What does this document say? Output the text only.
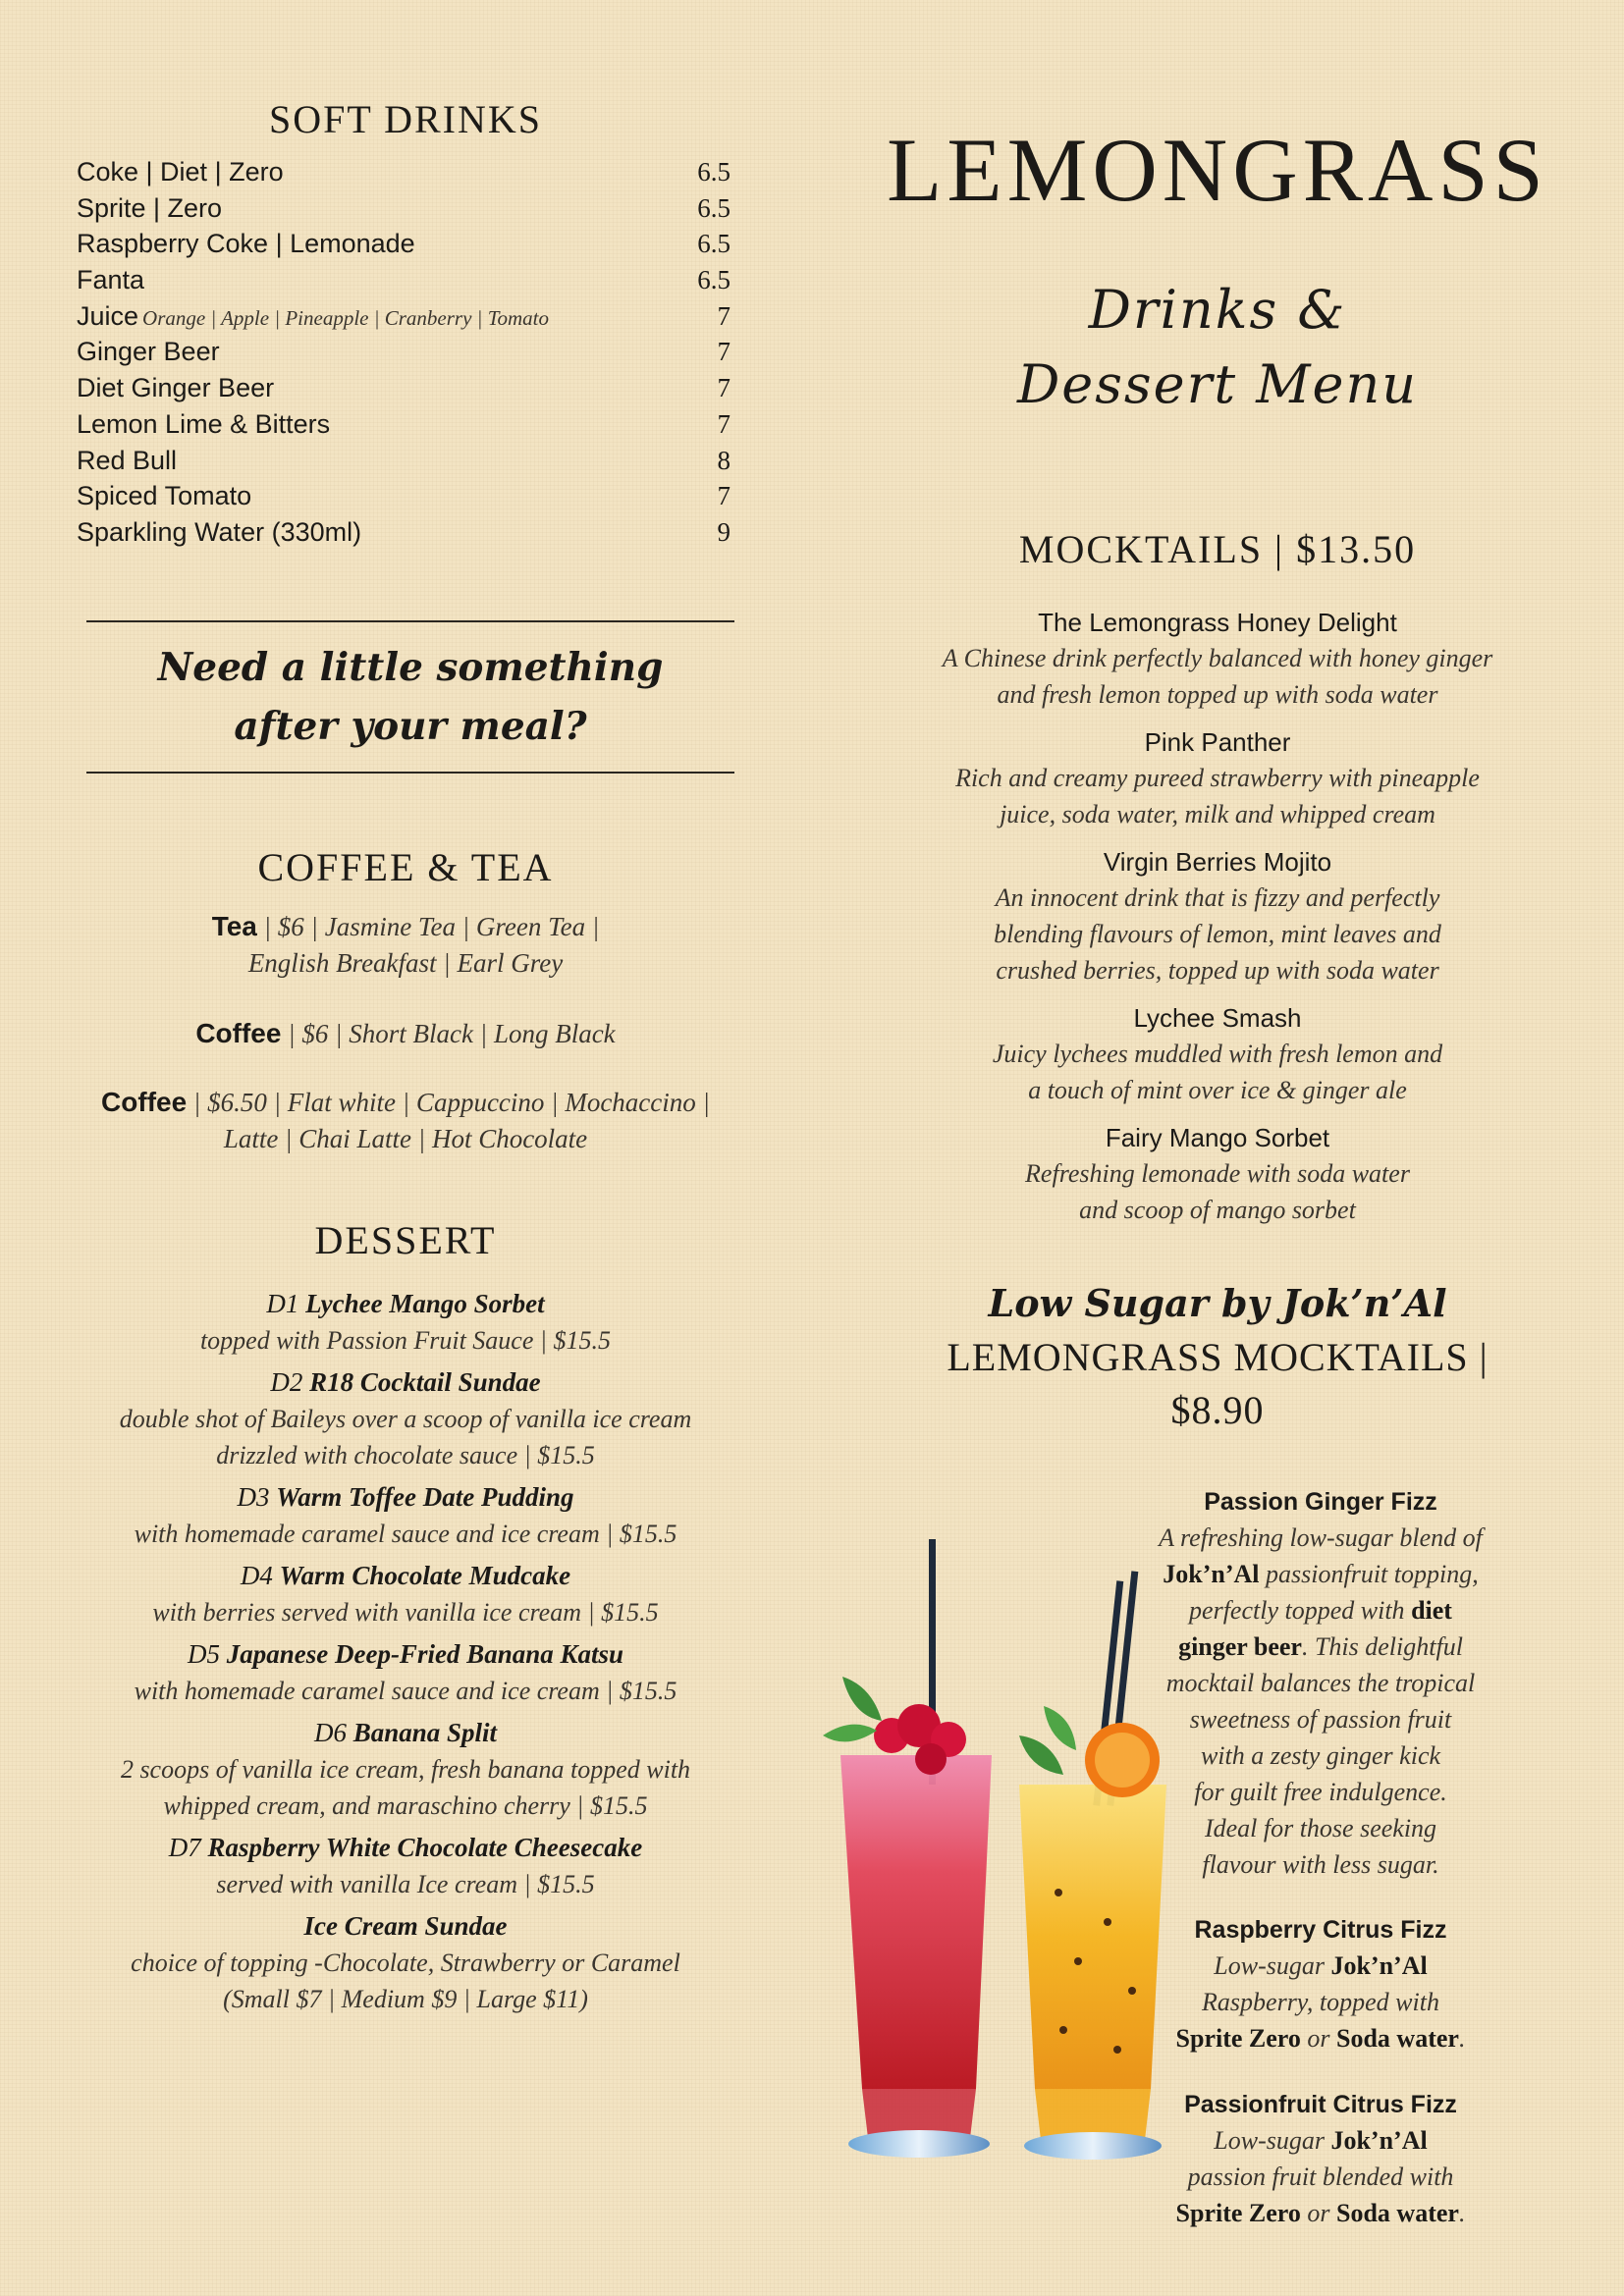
SOFT DRINKS
Coke | Diet | Zero	6.5
Sprite | Zero	6.5
Raspberry Coke | Lemonade	6.5
Fanta	6.5
Juice Orange | Apple | Pineapple | Cranberry | Tomato	7
Ginger Beer	7
Diet Ginger Beer	7
Lemon Lime & Bitters	7
Red Bull	8
Spiced Tomato	7
Sparkling Water (330ml)	9
Need a little something
after your meal?
COFFEE & TEA
Tea | $6 | Jasmine Tea | Green Tea |
English Breakfast | Earl Grey
Coffee | $6 | Short Black | Long Black
Coffee | $6.50 | Flat white | Cappuccino | Mochaccino |
Latte | Chai Latte | Hot Chocolate
DESSERT
D1 Lychee Mango Sorbet
topped with Passion Fruit Sauce | $15.5
D2 R18 Cocktail Sundae
double shot of Baileys over a scoop of vanilla ice cream
drizzled with chocolate sauce | $15.5
D3 Warm Toffee Date Pudding
with homemade caramel sauce and ice cream | $15.5
D4 Warm Chocolate Mudcake
with berries served with vanilla ice cream | $15.5
D5 Japanese Deep-Fried Banana Katsu
with homemade caramel sauce and ice cream | $15.5
D6 Banana Split
2 scoops of vanilla ice cream, fresh banana topped with
whipped cream, and maraschino cherry | $15.5
D7 Raspberry White Chocolate Cheesecake
served with vanilla Ice cream | $15.5
Ice Cream Sundae
choice of topping -Chocolate, Strawberry or Caramel
(Small $7 | Medium $9 | Large $11)
LEMONGRASS
Drinks &
Dessert Menu
MOCKTAILS | $13.50
The Lemongrass Honey Delight
A Chinese drink perfectly balanced with honey ginger
and fresh lemon topped up with soda water
Pink Panther
Rich and creamy pureed strawberry with pineapple
juice, soda water, milk and whipped cream
Virgin Berries Mojito
An innocent drink that is fizzy and perfectly
blending flavours of lemon, mint leaves and
crushed berries, topped up with soda water
Lychee Smash
Juicy lychees muddled with fresh lemon and
a touch of mint over ice & ginger ale
Fairy Mango Sorbet
Refreshing lemonade with soda water
and scoop of mango sorbet
Low Sugar by Jok’n’Al
LEMONGRASS MOCKTAILS |
$8.90
Passion Ginger Fizz
A refreshing low-sugar blend of
Jok’n’Al passionfruit topping,
perfectly topped with diet
ginger beer. This delightful
mocktail balances the tropical
sweetness of passion fruit
with a zesty ginger kick
for guilt free indulgence.
Ideal for those seeking
flavour with less sugar.
Raspberry Citrus Fizz
Low-sugar Jok’n’Al
Raspberry, topped with
Sprite Zero or Soda water.
Passionfruit Citrus Fizz
Low-sugar Jok’n’Al
passion fruit blended with
Sprite Zero or Soda water.
